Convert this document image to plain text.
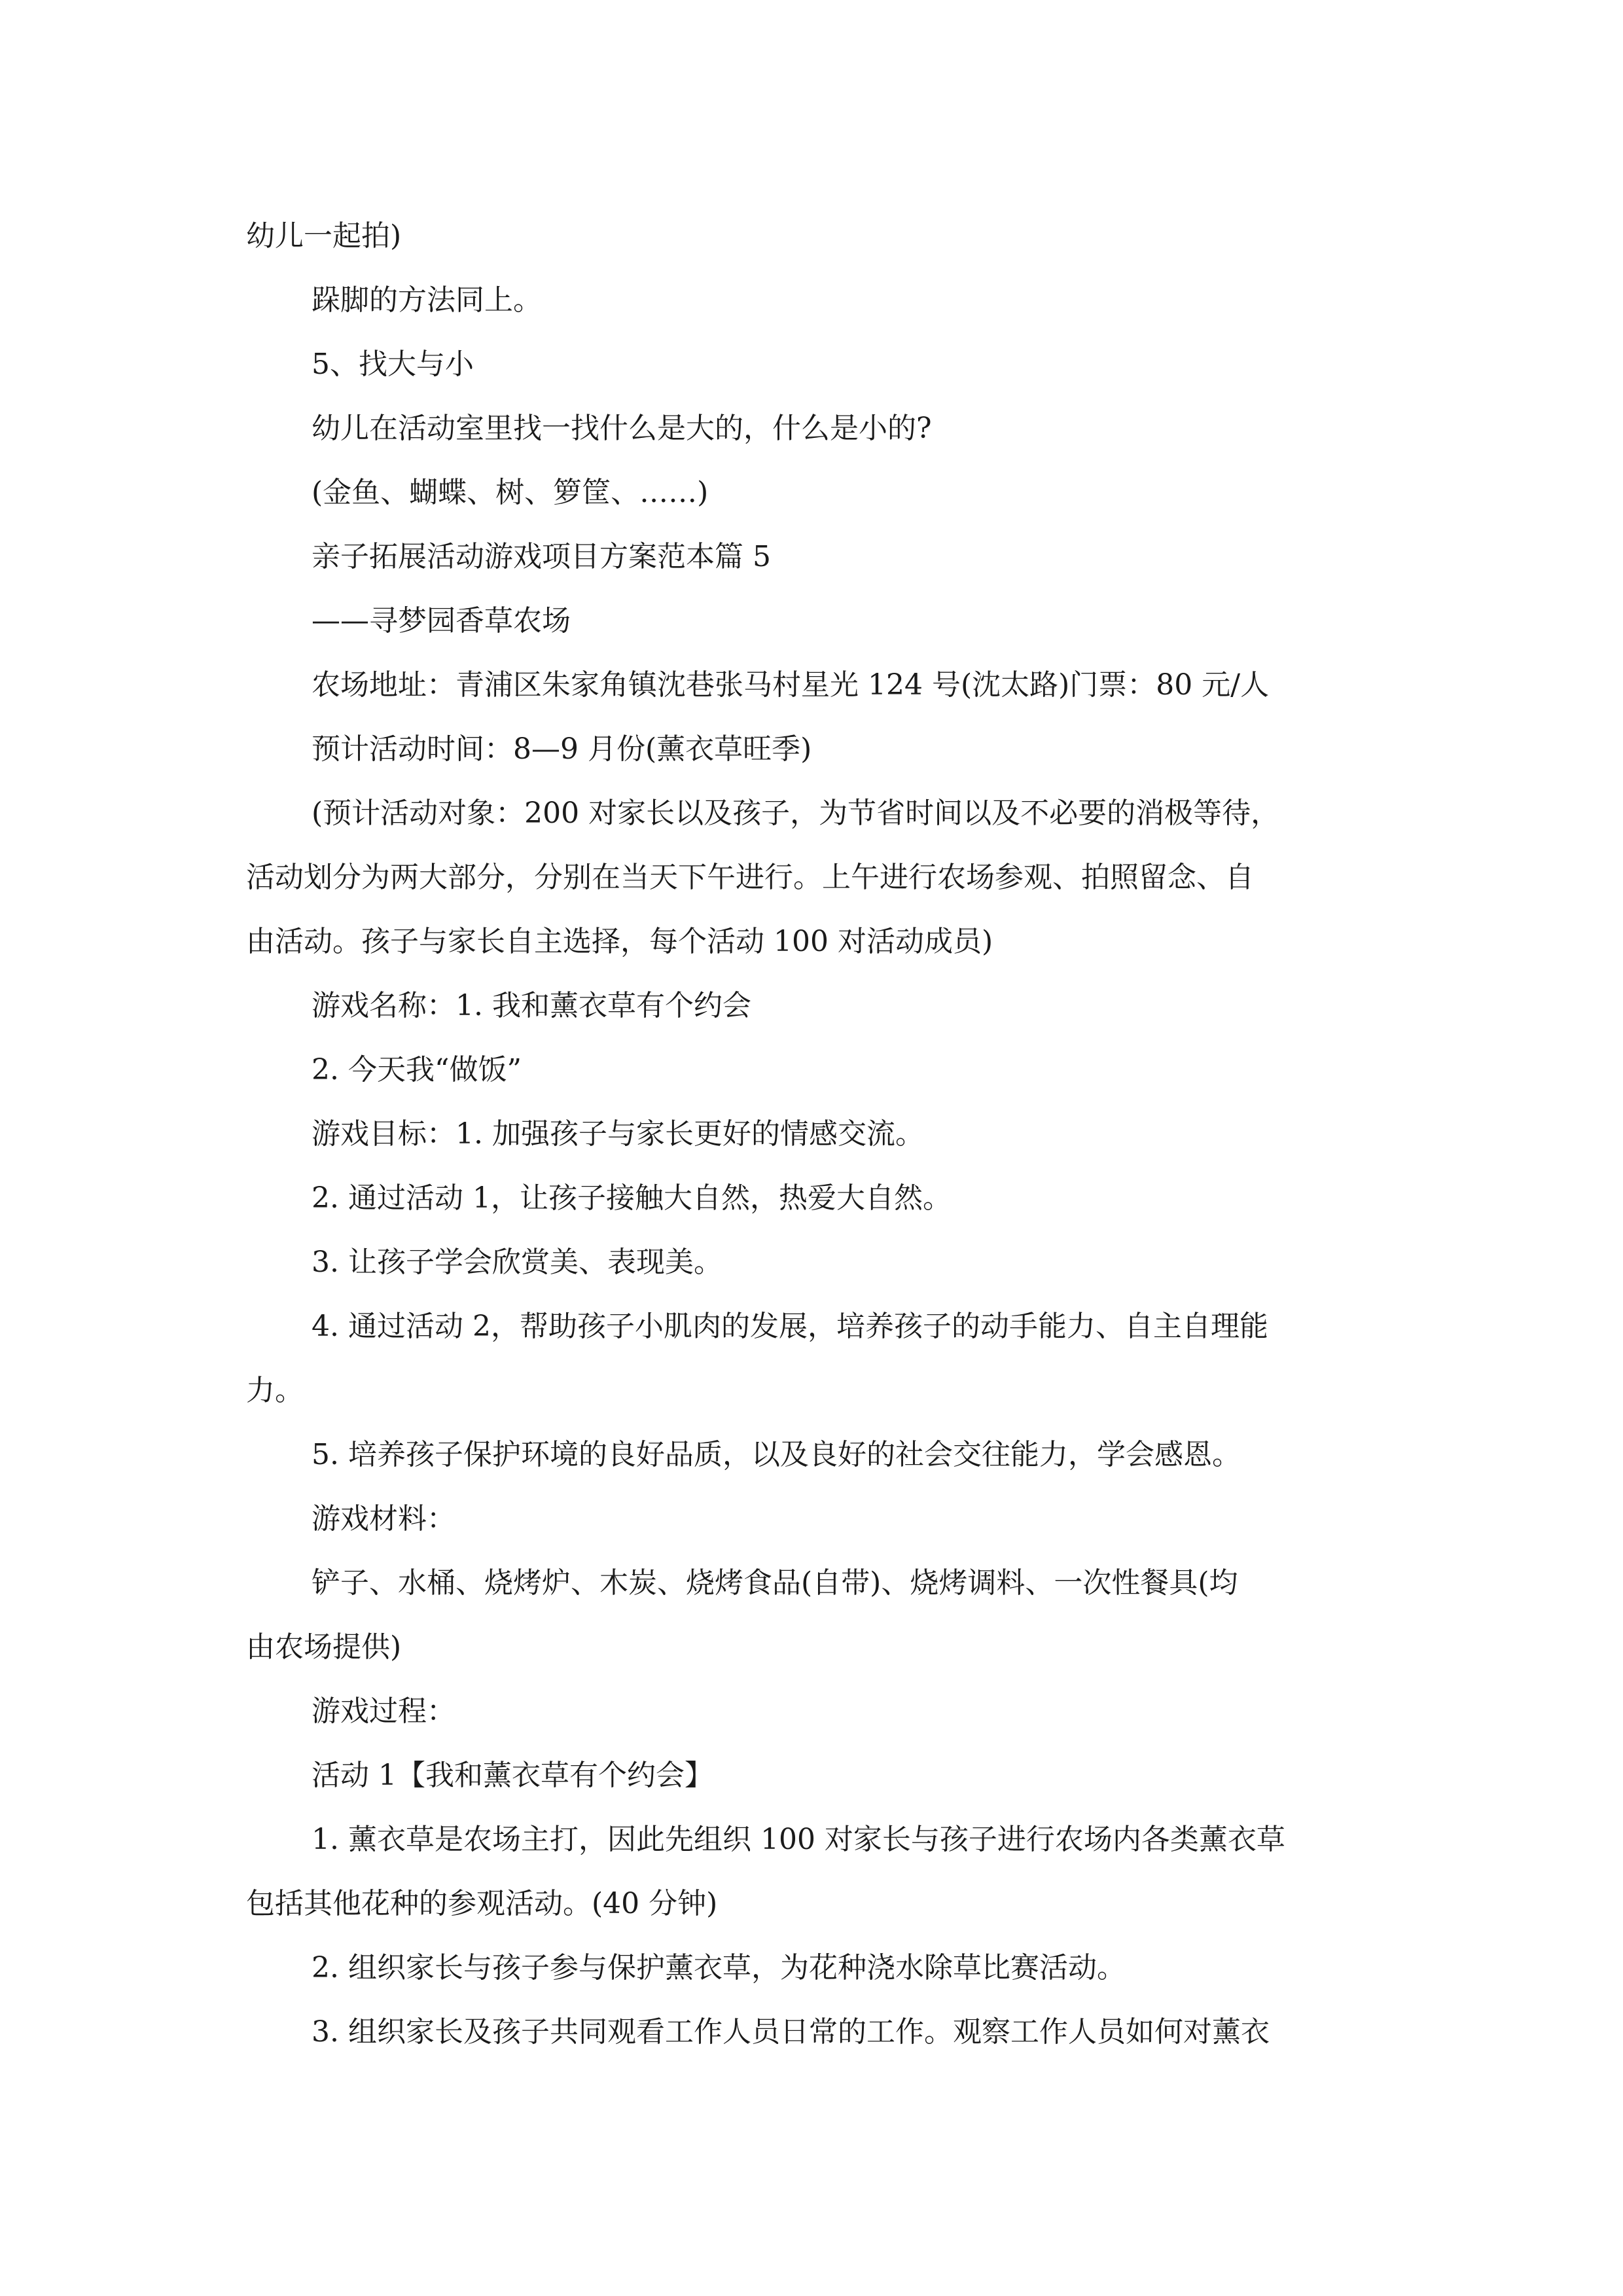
幼儿一起拍)

跺脚的方法同上。

5、找大与小

幼儿在活动室里找一找什么是大的，什么是小的?

(金鱼、蝴蝶、树、箩筐、……)

亲子拓展活动游戏项目方案范本篇 5

——寻梦园香草农场

农场地址：青浦区朱家角镇沈巷张马村星光 124 号(沈太路)门票：80 元/人

预计活动时间：8—9 月份(薰衣草旺季)

(预计活动对象：200 对家长以及孩子，为节省时间以及不必要的消极等待，

活动划分为两大部分，分别在当天下午进行。上午进行农场参观、拍照留念、自

由活动。孩子与家长自主选择，每个活动 100 对活动成员)

游戏名称：1. 我和薰衣草有个约会

2. 今天我“做饭”

游戏目标：1. 加强孩子与家长更好的情感交流。

2. 通过活动 1，让孩子接触大自然，热爱大自然。

3. 让孩子学会欣赏美、表现美。

4. 通过活动 2，帮助孩子小肌肉的发展，培养孩子的动手能力、自主自理能

力。

5. 培养孩子保护环境的良好品质，以及良好的社会交往能力，学会感恩。

游戏材料：

铲子、水桶、烧烤炉、木炭、烧烤食品(自带)、烧烤调料、一次性餐具(均

由农场提供)

游戏过程：

活动 1【我和薰衣草有个约会】

1. 薰衣草是农场主打，因此先组织 100 对家长与孩子进行农场内各类薰衣草

包括其他花种的参观活动。(40 分钟)

2. 组织家长与孩子参与保护薰衣草，为花种浇水除草比赛活动。

3. 组织家长及孩子共同观看工作人员日常的工作。观察工作人员如何对薰衣
